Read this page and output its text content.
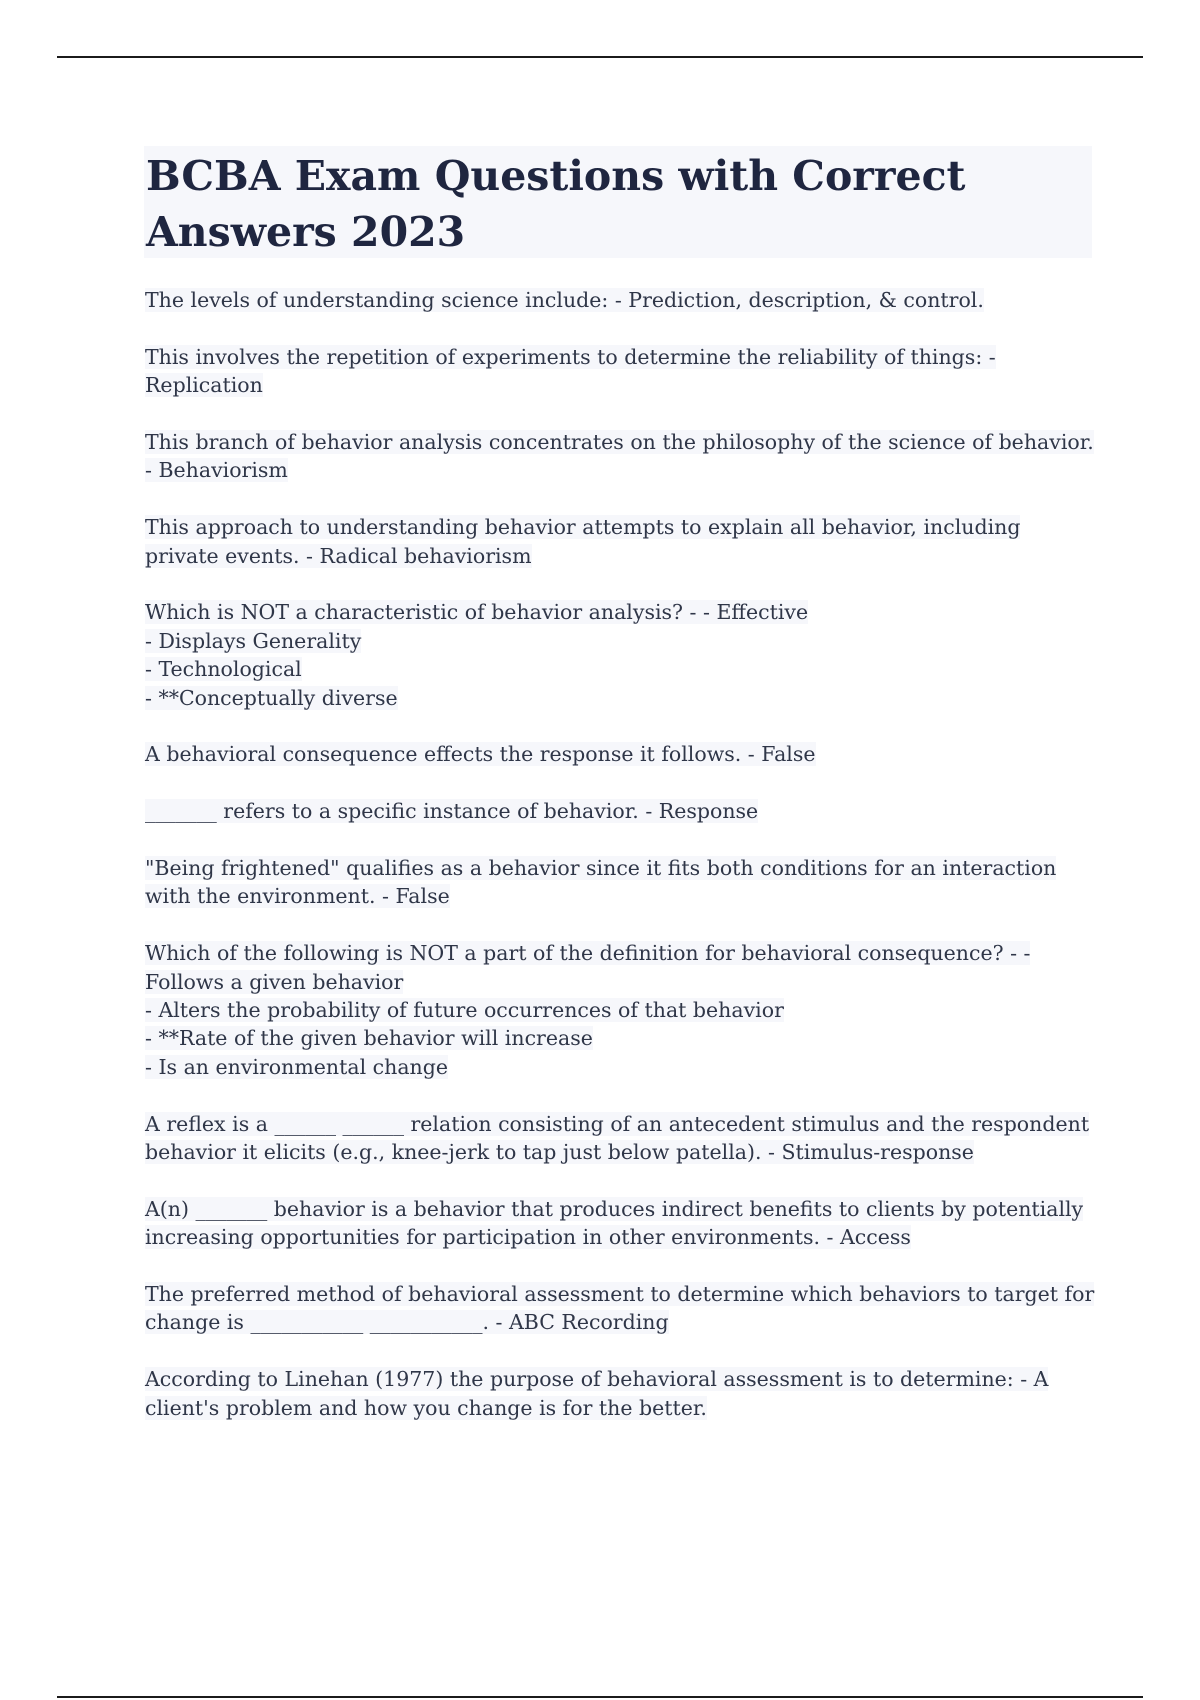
BCBA Exam Questions with Correct
Answers 2023
The levels of understanding science include: - Prediction, description, & control.
This involves the repetition of experiments to determine the reliability of things: -
Replication
This branch of behavior analysis concentrates on the philosophy of the science of behavior.
- Behaviorism
This approach to understanding behavior attempts to explain all behavior, including
private events. - Radical behaviorism
Which is NOT a characteristic of behavior analysis? - - Effective
- Displays Generality
- Technological
- **Conceptually diverse
A behavioral consequence effects the response it follows. - False
_______ refers to a specific instance of behavior. - Response
"Being frightened" qualifies as a behavior since it fits both conditions for an interaction
with the environment. - False
Which of the following is NOT a part of the definition for behavioral consequence? - -
Follows a given behavior
- Alters the probability of future occurrences of that behavior
- **Rate of the given behavior will increase
- Is an environmental change
A reflex is a ______ ______ relation consisting of an antecedent stimulus and the respondent
behavior it elicits (e.g., knee-jerk to tap just below patella). - Stimulus-response
A(n) _______ behavior is a behavior that produces indirect benefits to clients by potentially
increasing opportunities for participation in other environments. - Access
The preferred method of behavioral assessment to determine which behaviors to target for
change is ___________ ___________. - ABC Recording
According to Linehan (1977) the purpose of behavioral assessment is to determine: - A
client's problem and how you change is for the better.
